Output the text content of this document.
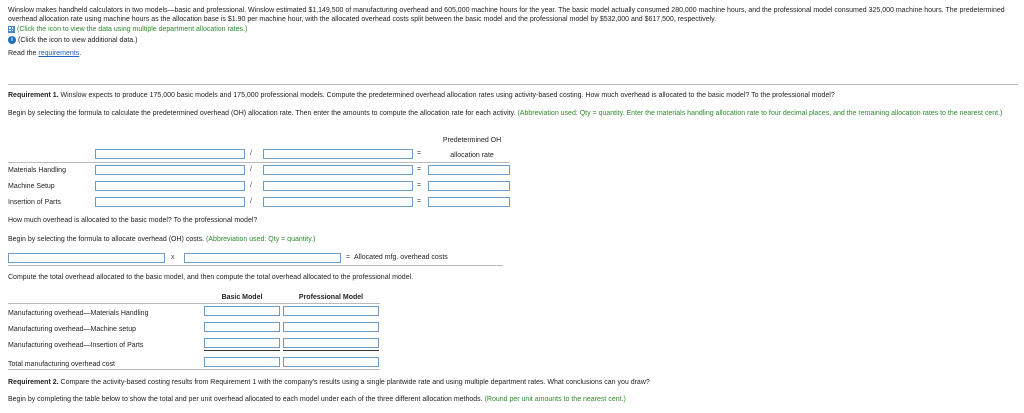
Winslow makes handheld calculators in two models—basic and professional. Winslow estimated $1,149,500 of manufacturing overhead and 605,000 machine hours for the year. The basic model actually consumed 280,000 machine hours, and the professional model consumed 325,000 machine hours. The predetermined overhead allocation rate using machine hours as the allocation base is $1.90 per machine hour, with the allocated overhead costs split between the basic model and the professional model by $532,000 and $617,500, respectively.
(Click the icon to view the data using multiple department allocation rates.)
i (Click the icon to view additional data.)
Read the requirements.
Requirement 1. Winslow expects to produce 175,000 basic models and 175,000 professional models. Compute the predetermined overhead allocation rates using activity-based costing. How much overhead is allocated to the basic model? To the professional model?
Begin by selecting the formula to calculate the predetermined overhead (OH) allocation rate. Then enter the amounts to compute the allocation rate for each activity. (Abbreviation used: Qty = quantity. Enter the materials handling allocation rate to four decimal places, and the remaining allocation rates to the nearest cent.)
Predetermined OH
allocation rate
/	=
Materials Handling	/	=
Machine Setup	/	=
Insertion of Parts	/	=
How much overhead is allocated to the basic model? To the professional model?
Begin by selecting the formula to allocate overhead (OH) costs. (Abbreviation used: Qty = quantity.)
x	= Allocated mfg. overhead costs
Compute the total overhead allocated to the basic model, and then compute the total overhead allocated to the professional model.
Basic Model	Professional Model
Manufacturing overhead—Materials Handling
Manufacturing overhead—Machine setup
Manufacturing overhead—Insertion of Parts
Total manufacturing overhead cost
Requirement 2. Compare the activity-based costing results from Requirement 1 with the company's results using a single plantwide rate and using multiple department rates. What conclusions can you draw?
Begin by completing the table below to show the total and per unit overhead allocated to each model under each of the three different allocation methods. (Round per unit amounts to the nearest cent.)
